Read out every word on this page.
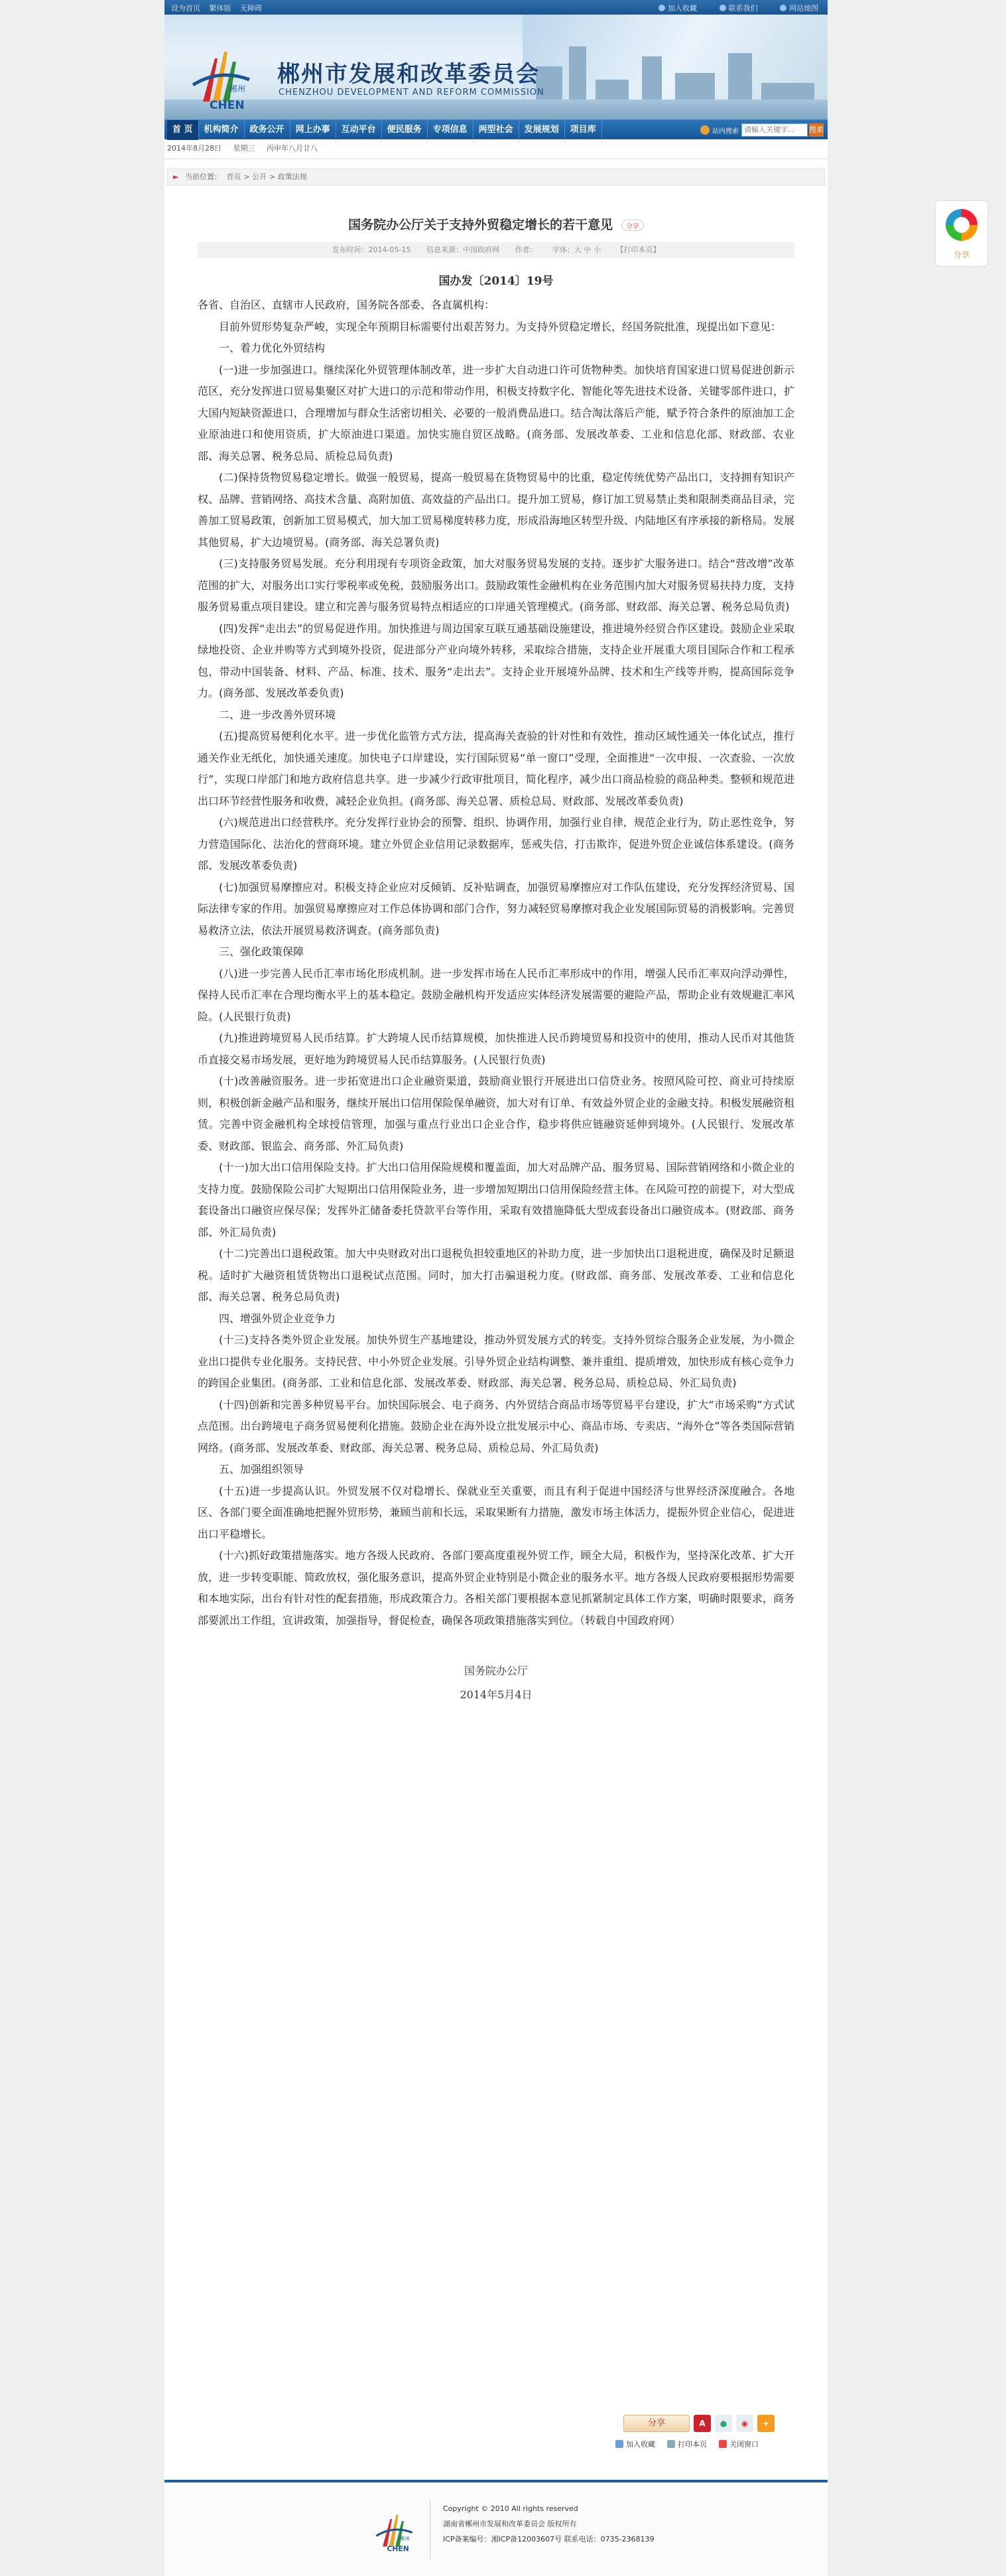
设为首页 繁体版 无障碍	加入收藏	联系我们	网站地图
郴州
CHEN
郴州市发展和改革委员会
CHENZHOU DEVELOPMENT AND REFORM COMMISSION
首 页	机构简介	政务公开	网上办事	互动平台	便民服务	专项信息	两型社会	发展规划	项目库	站内搜索
请输入关键字...	搜索
2014年8月28日 星期三 丙申年八月廿八
► 当前位置： 首页 > 公开 > 政策法规
国务院办公厅关于支持外贸稳定增长的若干意见 分享
发布时间：2014-05-15 信息来源：中国政府网 作者： 字体：大 中 小 【打印本页】
国办发〔2014〕19号

各省、自治区、直辖市人民政府，国务院各部委、各直属机构：

目前外贸形势复杂严峻，实现全年预期目标需要付出艰苦努力。为支持外贸稳定增长，经国务院批准，现提出如下意见：

一、着力优化外贸结构

(一)进一步加强进口。继续深化外贸管理体制改革，进一步扩大自动进口许可货物种类。加快培育国家进口贸易促进创新示范区，充分发挥进口贸易集聚区对扩大进口的示范和带动作用，积极支持数字化、智能化等先进技术设备、关键零部件进口，扩大国内短缺资源进口，合理增加与群众生活密切相关、必要的一般消费品进口。结合淘汰落后产能，赋予符合条件的原油加工企业原油进口和使用资质，扩大原油进口渠道。加快实施自贸区战略。(商务部、发展改革委、工业和信息化部、财政部、农业部、海关总署、税务总局、质检总局负责)

(二)保持货物贸易稳定增长。做强一般贸易，提高一般贸易在货物贸易中的比重，稳定传统优势产品出口，支持拥有知识产权、品牌、营销网络、高技术含量、高附加值、高效益的产品出口。提升加工贸易，修订加工贸易禁止类和限制类商品目录，完善加工贸易政策，创新加工贸易模式，加大加工贸易梯度转移力度，形成沿海地区转型升级、内陆地区有序承接的新格局。发展其他贸易，扩大边境贸易。(商务部、海关总署负责)

(三)支持服务贸易发展。充分利用现有专项资金政策，加大对服务贸易发展的支持。逐步扩大服务进口。结合“营改增”改革范围的扩大，对服务出口实行零税率或免税，鼓励服务出口。鼓励政策性金融机构在业务范围内加大对服务贸易扶持力度，支持服务贸易重点项目建设。建立和完善与服务贸易特点相适应的口岸通关管理模式。(商务部、财政部、海关总署、税务总局负责)

(四)发挥“走出去”的贸易促进作用。加快推进与周边国家互联互通基础设施建设，推进境外经贸合作区建设。鼓励企业采取绿地投资、企业并购等方式到境外投资，促进部分产业向境外转移，采取综合措施，支持企业开展重大项目国际合作和工程承包，带动中国装备、材料、产品、标准、技术、服务“走出去”。支持企业开展境外品牌、技术和生产线等并购，提高国际竞争力。(商务部、发展改革委负责)

二、进一步改善外贸环境

(五)提高贸易便利化水平。进一步优化监管方式方法，提高海关查验的针对性和有效性，推动区域性通关一体化试点，推行通关作业无纸化，加快通关速度。加快电子口岸建设，实行国际贸易“单一窗口”受理，全面推进“一次申报、一次查验、一次放行”，实现口岸部门和地方政府信息共享。进一步减少行政审批项目，简化程序，减少出口商品检验的商品种类。整顿和规范进出口环节经营性服务和收费，减轻企业负担。(商务部、海关总署、质检总局、财政部、发展改革委负责)

(六)规范进出口经营秩序。充分发挥行业协会的预警、组织、协调作用，加强行业自律，规范企业行为，防止恶性竞争，努力营造国际化、法治化的营商环境。建立外贸企业信用记录数据库，惩戒失信，打击欺诈，促进外贸企业诚信体系建设。(商务部、发展改革委负责)

(七)加强贸易摩擦应对。积极支持企业应对反倾销、反补贴调查，加强贸易摩擦应对工作队伍建设，充分发挥经济贸易、国际法律专家的作用。加强贸易摩擦应对工作总体协调和部门合作，努力减轻贸易摩擦对我企业发展国际贸易的消极影响。完善贸易救济立法，依法开展贸易救济调查。(商务部负责)

三、强化政策保障

(八)进一步完善人民币汇率市场化形成机制。进一步发挥市场在人民币汇率形成中的作用，增强人民币汇率双向浮动弹性，保持人民币汇率在合理均衡水平上的基本稳定。鼓励金融机构开发适应实体经济发展需要的避险产品，帮助企业有效规避汇率风险。(人民银行负责)

(九)推进跨境贸易人民币结算。扩大跨境人民币结算规模，加快推进人民币跨境贸易和投资中的使用，推动人民币对其他货币直接交易市场发展，更好地为跨境贸易人民币结算服务。(人民银行负责)

(十)改善融资服务。进一步拓宽进出口企业融资渠道，鼓励商业银行开展进出口信贷业务。按照风险可控、商业可持续原则，积极创新金融产品和服务，继续开展出口信用保险保单融资，加大对有订单、有效益外贸企业的金融支持。积极发展融资租赁。完善中资金融机构全球授信管理，加强与重点行业出口企业合作，稳步将供应链融资延伸到境外。(人民银行、发展改革委、财政部、银监会、商务部、外汇局负责)

(十一)加大出口信用保险支持。扩大出口信用保险规模和覆盖面，加大对品牌产品、服务贸易、国际营销网络和小微企业的支持力度。鼓励保险公司扩大短期出口信用保险业务，进一步增加短期出口信用保险经营主体。在风险可控的前提下，对大型成套设备出口融资应保尽保；发挥外汇储备委托贷款平台等作用，采取有效措施降低大型成套设备出口融资成本。(财政部、商务部、外汇局负责)

(十二)完善出口退税政策。加大中央财政对出口退税负担较重地区的补助力度，进一步加快出口退税进度，确保及时足额退税。适时扩大融资租赁货物出口退税试点范围。同时，加大打击骗退税力度。(财政部、商务部、发展改革委、工业和信息化部、海关总署、税务总局负责)

四、增强外贸企业竞争力

(十三)支持各类外贸企业发展。加快外贸生产基地建设，推动外贸发展方式的转变。支持外贸综合服务企业发展，为小微企业出口提供专业化服务。支持民营、中小外贸企业发展。引导外贸企业结构调整、兼并重组、提质增效，加快形成有核心竞争力的跨国企业集团。(商务部、工业和信息化部、发展改革委、财政部、海关总署、税务总局、质检总局、外汇局负责)

(十四)创新和完善多种贸易平台。加快国际展会、电子商务、内外贸结合商品市场等贸易平台建设，扩大“市场采购”方式试点范围。出台跨境电子商务贸易便利化措施。鼓励企业在海外设立批发展示中心、商品市场、专卖店、“海外仓”等各类国际营销网络。(商务部、发展改革委、财政部、海关总署、税务总局、质检总局、外汇局负责)

五、加强组织领导

(十五)进一步提高认识。外贸发展不仅对稳增长、保就业至关重要，而且有利于促进中国经济与世界经济深度融合。各地区、各部门要全面准确地把握外贸形势，兼顾当前和长远，采取果断有力措施，激发市场主体活力，提振外贸企业信心，促进进出口平稳增长。

(十六)抓好政策措施落实。地方各级人民政府、各部门要高度重视外贸工作，顾全大局，积极作为，坚持深化改革、扩大开放，进一步转变职能、简政放权，强化服务意识，提高外贸企业特别是小微企业的服务水平。地方各级人民政府要根据形势需要和本地实际，出台有针对性的配套措施，形成政策合力。各相关部门要根据本意见抓紧制定具体工作方案，明确时限要求，商务部要派出工作组，宣讲政策，加强指导，督促检查，确保各项政策措施落实到位。（转载自中国政府网）

国务院办公厅
2014年5月4日
分享	A	●	◉	+
加入收藏	打印本页	关闭窗口
郴州
CHEN
Copyright © 2010 All rights reserved
湖南省郴州市发展和改革委员会 版权所有
ICP备案编号：湘ICP备12003607号 联系电话：0735-2368139
分享
